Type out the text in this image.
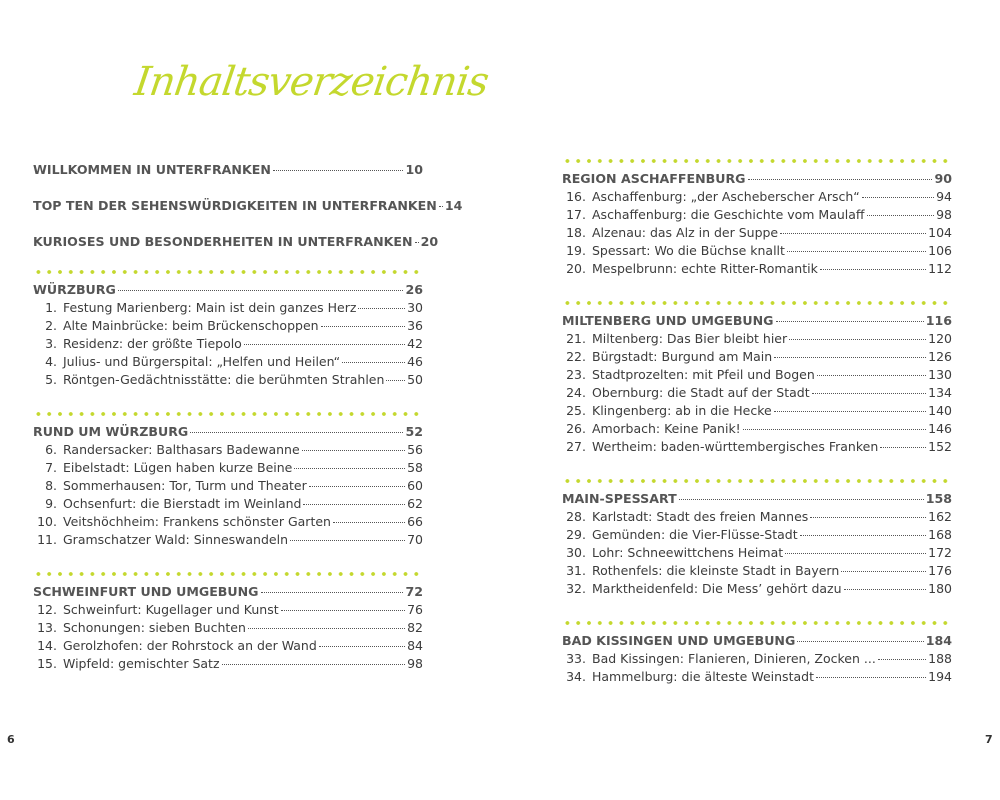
Inhaltsverzeichnis
WILLKOMMEN IN UNTERFRANKEN	10
TOP TEN DER SEHENSWÜRDIGKEITEN IN UNTERFRANKEN 14
KURIOSES UND BESONDERHEITEN IN UNTERFRANKEN 20
WÜRZBURG	26
1. Festung Marienberg: Main ist dein ganzes Herz	30
2. Alte Mainbrücke: beim Brückenschoppen	36
3. Residenz: der größte Tiepolo	42
4. Julius- und Bürgerspital: „Helfen und Heilen“	46
5. Röntgen-Gedächtnisstätte: die berühmten Strahlen 50
RUND UM WÜRZBURG	52
6. Randersacker: Balthasars Badewanne	56
7. Eibelstadt: Lügen haben kurze Beine	58
8. Sommerhausen: Tor, Turm und Theater	60
9. Ochsenfurt: die Bierstadt im Weinland	62
10. Veitshöchheim: Frankens schönster Garten	66
11. Gramschatzer Wald: Sinneswandeln	70
SCHWEINFURT UND UMGEBUNG	72
12. Schweinfurt: Kugellager und Kunst	76
13. Schonungen: sieben Buchten	82
14. Gerolzhofen: der Rohrstock an der Wand	84
15. Wipfeld: gemischter Satz	98
REGION ASCHAFFENBURG	90
16. Aschaffenburg: „der Ascheberscher Arsch“	94
17. Aschaffenburg: die Geschichte vom Maulaff	98
18. Alzenau: das Alz in der Suppe	104
19. Spessart: Wo die Büchse knallt	106
20. Mespelbrunn: echte Ritter-Romantik	112
MILTENBERG UND UMGEBUNG	116
21. Miltenberg: Das Bier bleibt hier	120
22. Bürgstadt: Burgund am Main	126
23. Stadtprozelten: mit Pfeil und Bogen	130
24. Obernburg: die Stadt auf der Stadt	134
25. Klingenberg: ab in die Hecke	140
26. Amorbach: Keine Panik!	146
27. Wertheim: baden-württembergisches Franken	152
MAIN-SPESSART	158
28. Karlstadt: Stadt des freien Mannes	162
29. Gemünden: die Vier-Flüsse-Stadt	168
30. Lohr: Schneewittchens Heimat	172
31. Rothenfels: die kleinste Stadt in Bayern	176
32. Marktheidenfeld: Die Mess’ gehört dazu	180
BAD KISSINGEN UND UMGEBUNG	184
33. Bad Kissingen: Flanieren, Dinieren, Zocken ...	188
34. Hammelburg: die älteste Weinstadt	194
6	7
